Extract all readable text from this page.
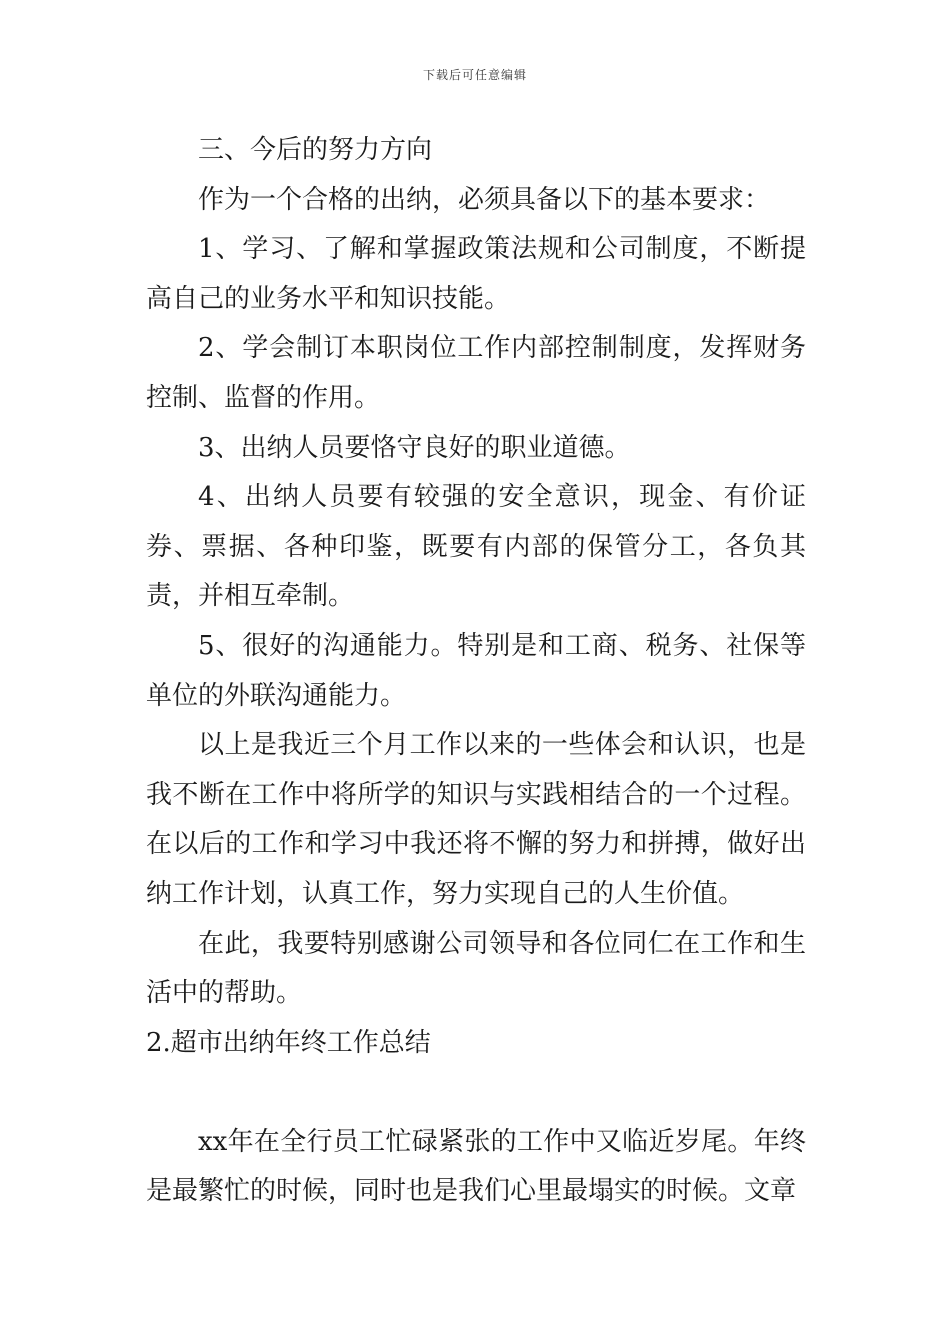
下载后可任意编辑

三、今后的努力方向

作为一个合格的出纳，必须具备以下的基本要求：

1、学习、了解和掌握政策法规和公司制度，不断提高自己的业务水平和知识技能。

2、学会制订本职岗位工作内部控制制度，发挥财务控制、监督的作用。

3、出纳人员要恪守良好的职业道德。

4、出纳人员要有较强的安全意识，现金、有价证券、票据、各种印鉴，既要有内部的保管分工，各负其责，并相互牵制。

5、很好的沟通能力。特别是和工商、税务、社保等单位的外联沟通能力。

以上是我近三个月工作以来的一些体会和认识，也是我不断在工作中将所学的知识与实践相结合的一个过程。在以后的工作和学习中我还将不懈的努力和拼搏，做好出纳工作计划，认真工作，努力实现自己的人生价值。

在此，我要特别感谢公司领导和各位同仁在工作和生活中的帮助。

2.超市出纳年终工作总结

xx年在全行员工忙碌紧张的工作中又临近岁尾。年终是最繁忙的时候，同时也是我们心里最塌实的时候。文章
